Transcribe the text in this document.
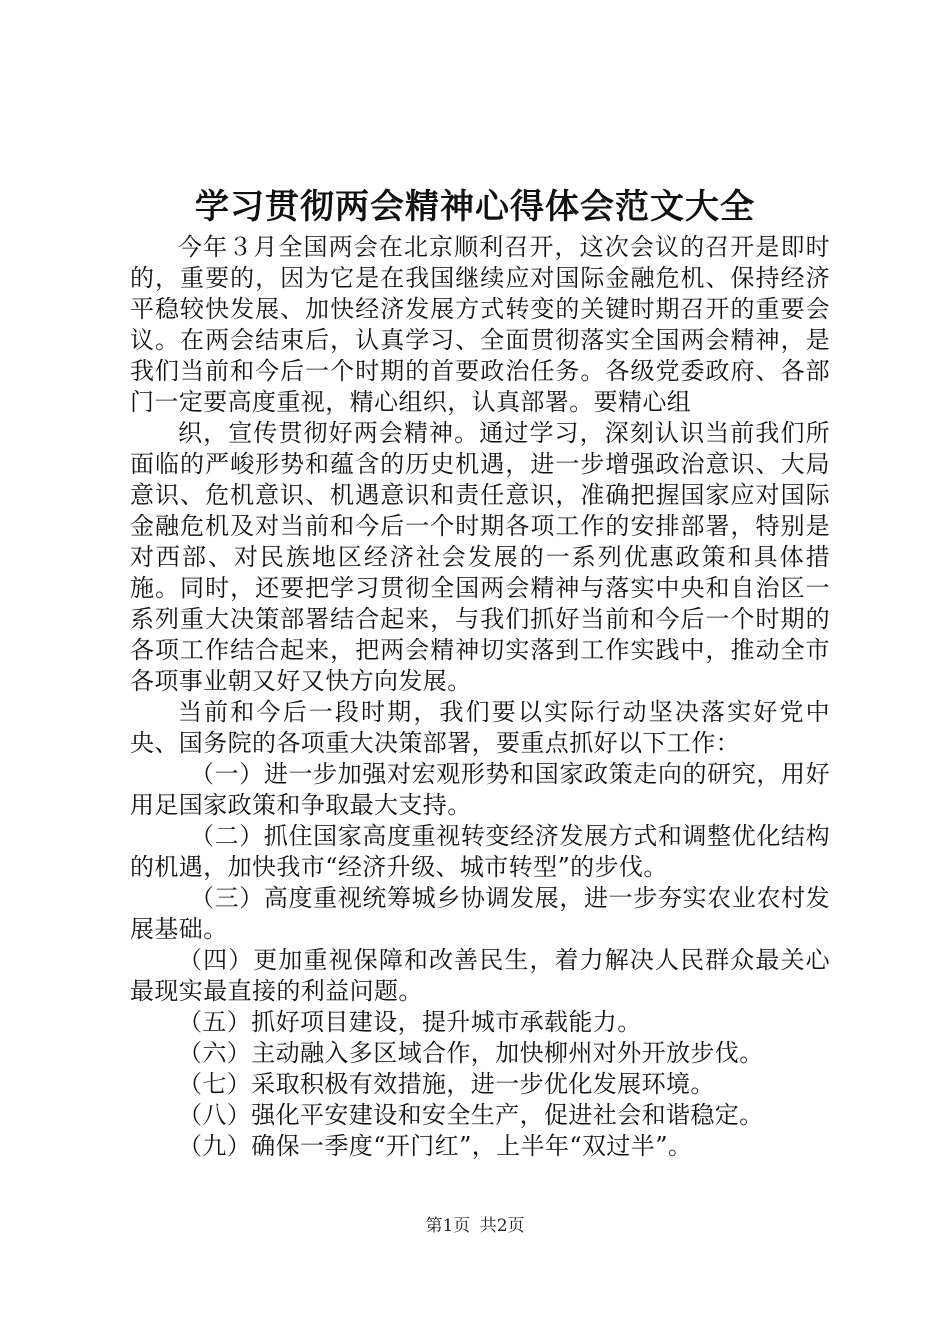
学习贯彻两会精神心得体会范文大全

今年３月全国两会在北京顺利召开，这次会议的召开是即时的，重要的，因为它是在我国继续应对国际金融危机、保持经济平稳较快发展、加快经济发展方式转变的关键时期召开的重要会议。在两会结束后，认真学习、全面贯彻落实全国两会精神，是我们当前和今后一个时期的首要政治任务。各级党委政府、各部门一定要高度重视，精心组织，认真部署。要精心组

织，宣传贯彻好两会精神。通过学习，深刻认识当前我们所面临的严峻形势和蕴含的历史机遇，进一步增强政治意识、大局意识、危机意识、机遇意识和责任意识，准确把握国家应对国际金融危机及对当前和今后一个时期各项工作的安排部署，特别是对西部、对民族地区经济社会发展的一系列优惠政策和具体措施。同时，还要把学习贯彻全国两会精神与落实中央和自治区一系列重大决策部署结合起来，与我们抓好当前和今后一个时期的各项工作结合起来，把两会精神切实落到工作实践中，推动全市各项事业朝又好又快方向发展。

当前和今后一段时期，我们要以实际行动坚决落实好党中央、国务院的各项重大决策部署，要重点抓好以下工作：

（一）进一步加强对宏观形势和国家政策走向的研究，用好用足国家政策和争取最大支持。

（二）抓住国家高度重视转变经济发展方式和调整优化结构的机遇，加快我市“经济升级、城市转型”的步伐。

（三）高度重视统筹城乡协调发展，进一步夯实农业农村发展基础。

（四）更加重视保障和改善民生，着力解决人民群众最关心最现实最直接的利益问题。

（五）抓好项目建设，提升城市承载能力。

（六）主动融入多区域合作，加快柳州对外开放步伐。

（七）采取积极有效措施，进一步优化发展环境。

（八）强化平安建设和安全生产，促进社会和谐稳定。

（九）确保一季度“开门红”，上半年“双过半”。

第1页 共2页
